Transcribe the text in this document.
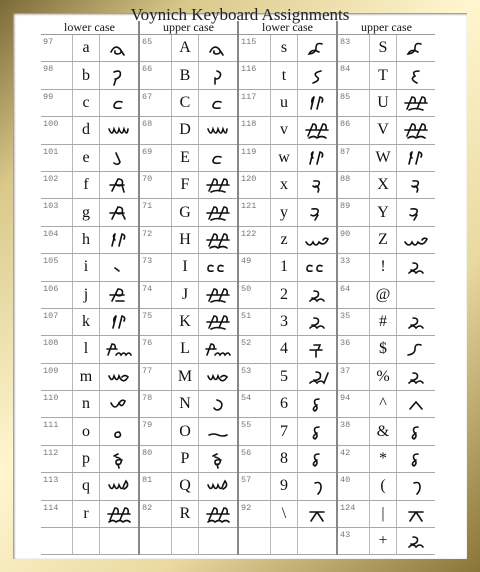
Voynich Keyboard Assignments
lower case
97	a
98	b
99	c
100	d
101	e
102	f
103	g
104	h
105	i
106	j
107	k
108	l
109	m
110	n
111	o
112	p
113	q
114	r
upper case
65	A
66	B
67	C
68	D
69	E
70	F
71	G
72	H
73	I
74	J
75	K
76	L
77	M
78	N
79	O
80	P
81	Q
82	R
lower case
115	s
116	t
117	u
118	v
119	w
120	x
121	y
122	z
49	1
50	2
51	3
52	4
53	5
54	6
55	7
56	8
57	9
92	\
upper case
83	S
84	T
85	U
86	V
87	W
88	X
89	Y
90	Z
33	!
64	@
35	#
36	$
37	%
94	^
38	&
42	*
40	(
124	|
43	+
